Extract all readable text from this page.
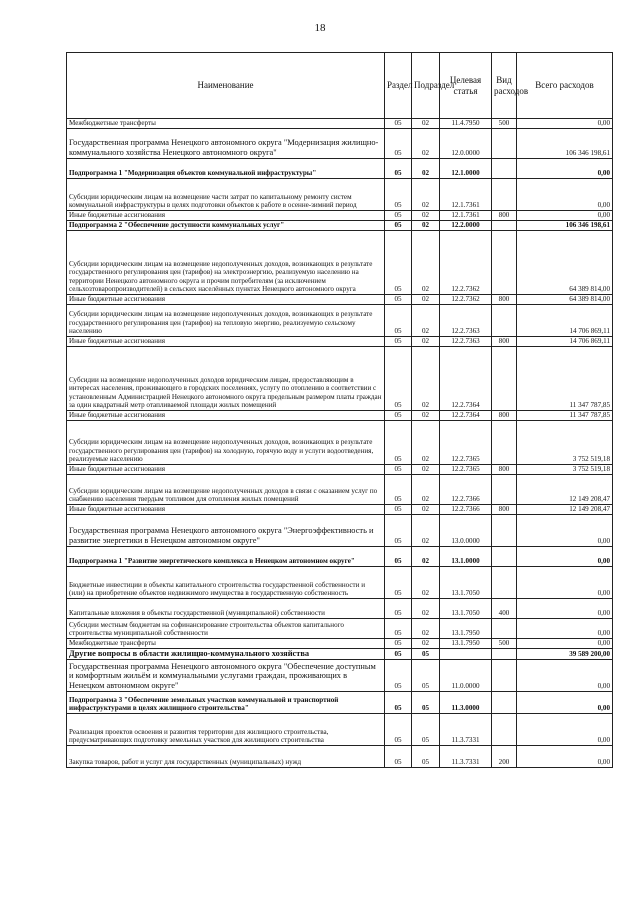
18
Наименование	Раздел	Подраздел	Целевая статья	Вид расходов	Всего расходов
Межбюджетные трансферты	05	02	11.4.7950	500	0,00
Государственная программа Ненецкого автономного округа "Модернизация жилищно-коммунального хозяйства Ненецкого автономного округа"	05	02	12.0.0000		106 346 198,61
Подпрограмма 1 "Модернизация объектов коммунальной инфраструктуры"	05	02	12.1.0000		0,00
Субсидии юридическим лицам на возмещение части затрат по капитальному ремонту систем коммунальной инфраструктуры в целях подготовки объектов к работе в осенне-зимний период	05	02	12.1.7361		0,00
Иные бюджетные ассигнования	05	02	12.1.7361	800	0,00
Подпрограмма 2 "Обеспечение доступности коммунальных услуг"	05	02	12.2.0000		106 346 198,61
Субсидии юридическим лицам на возмещение недополученных доходов, возникающих в результате государственного регулирования цен (тарифов) на электроэнергию, реализуемую населению на территории Ненецкого автономного округа и прочим потребителям (за исключением сельхозтоваропроизводителей) в сельских населённых пунктах Ненецкого автономного округа	05	02	12.2.7362		64 389 814,00
Иные бюджетные ассигнования	05	02	12.2.7362	800	64 389 814,00
Субсидии юридическим лицам на возмещение недополученных доходов, возникающих в результате государственного регулирования цен (тарифов) на тепловую энергию, реализуемую сельскому населению	05	02	12.2.7363		14 706 869,11
Иные бюджетные ассигнования	05	02	12.2.7363	800	14 706 869,11
Субсидии на возмещение недополученных доходов юридическим лицам, предоставляющим в интересах населения, проживающего в городских поселениях, услугу по отоплению в соответствии с установленным Администрацией Ненецкого автономного округа предельным размером платы граждан за один квадратный метр отапливаемой площади жилых помещений	05	02	12.2.7364		11 347 787,85
Иные бюджетные ассигнования	05	02	12.2.7364	800	11 347 787,85
Субсидии юридическим лицам на возмещение недополученных доходов, возникающих в результате государственного регулирования цен (тарифов) на холодную, горячую воду и услуги водоотведения, реализуемые населению	05	02	12.2.7365		3 752 519,18
Иные бюджетные ассигнования	05	02	12.2.7365	800	3 752 519,18
Субсидии юридическим лицам на возмещение недополученных доходов в связи с оказанием услуг по снабжению населения твердым топливом для отопления жилых помещений	05	02	12.2.7366		12 149 208,47
Иные бюджетные ассигнования	05	02	12.2.7366	800	12 149 208,47
Государственная программа Ненецкого автономного округа "Энергоэффективность и развитие энергетики в Ненецком автономном округе"	05	02	13.0.0000		0,00
Подпрограмма 1 "Развитие энергетического комплекса в Ненецком автономном округе"	05	02	13.1.0000		0,00
Бюджетные инвестиции в объекты капитального строительства государственной собственности и (или) на приобретение объектов недвижимого имущества в государственную собственность	05	02	13.1.7050		0,00
Капитальные вложения в объекты государственной (муниципальной) собственности	05	02	13.1.7050	400	0,00
Субсидии местным бюджетам на софинансирование строительства объектов капитального строительства муниципальной собственности	05	02	13.1.7950		0,00
Межбюджетные трансферты	05	02	13.1.7950	500	0,00
Другие вопросы в области жилищно-коммунального хозяйства	05	05			39 589 200,00
Государственная программа Ненецкого автономного округа "Обеспечение доступным и комфортным жильём и коммунальными услугами граждан, проживающих в Ненецком автономном округе"	05	05	11.0.0000		0,00
Подпрограмма 3 "Обеспечение земельных участков коммунальной и транспортной инфраструктурами в целях жилищного строительства"	05	05	11.3.0000		0,00
Реализация проектов освоения и развития территории для жилищного строительства, предусматривающих подготовку земельных участков для жилищного строительства	05	05	11.3.7331		0,00
Закупка товаров, работ и услуг для государственных (муниципальных) нужд	05	05	11.3.7331	200	0,00
